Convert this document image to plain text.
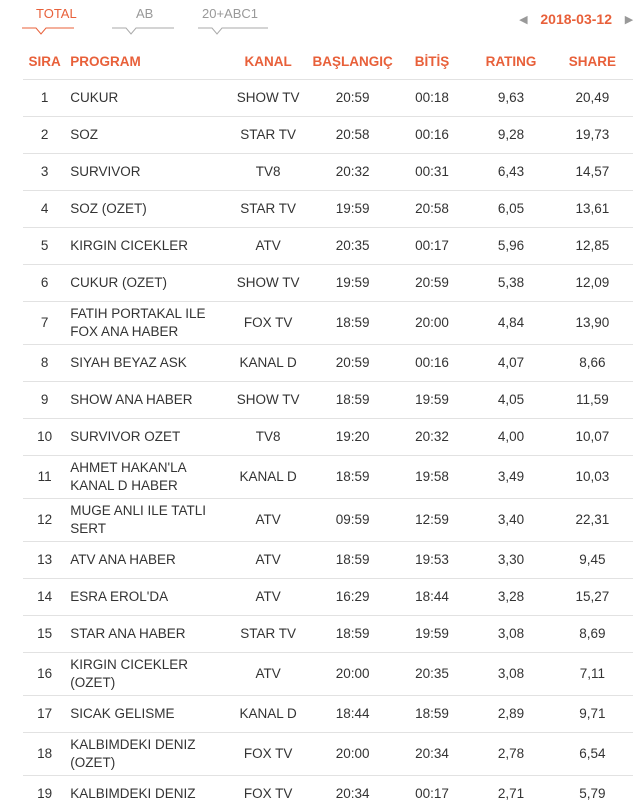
TOTAL	AB	20+ABC1	◀ 2018-03-12 ▶
SIRA	PROGRAM	KANAL	BAŞLANGIÇ	BİTİŞ	RATING	SHARE
1	CUKUR	SHOW TV	20:59	00:18	9,63	20,49
2	SOZ	STAR TV	20:58	00:16	9,28	19,73
3	SURVIVOR	TV8	20:32	00:31	6,43	14,57
4	SOZ (OZET)	STAR TV	19:59	20:58	6,05	13,61
5	KIRGIN CICEKLER	ATV	20:35	00:17	5,96	12,85
6	CUKUR (OZET)	SHOW TV	19:59	20:59	5,38	12,09
7	FATIH PORTAKAL ILE FOX ANA HABER	FOX TV	18:59	20:00	4,84	13,90
8	SIYAH BEYAZ ASK	KANAL D	20:59	00:16	4,07	8,66
9	SHOW ANA HABER	SHOW TV	18:59	19:59	4,05	11,59
10	SURVIVOR OZET	TV8	19:20	20:32	4,00	10,07
11	AHMET HAKAN'LA KANAL D HABER	KANAL D	18:59	19:58	3,49	10,03
12	MUGE ANLI ILE TATLI SERT	ATV	09:59	12:59	3,40	22,31
13	ATV ANA HABER	ATV	18:59	19:53	3,30	9,45
14	ESRA EROL'DA	ATV	16:29	18:44	3,28	15,27
15	STAR ANA HABER	STAR TV	18:59	19:59	3,08	8,69
16	KIRGIN CICEKLER (OZET)	ATV	20:00	20:35	3,08	7,11
17	SICAK GELISME	KANAL D	18:44	18:59	2,89	9,71
18	KALBIMDEKI DENIZ (OZET)	FOX TV	20:00	20:34	2,78	6,54
19	KALBIMDEKI DENIZ	FOX TV	20:34	00:17	2,71	5,79
